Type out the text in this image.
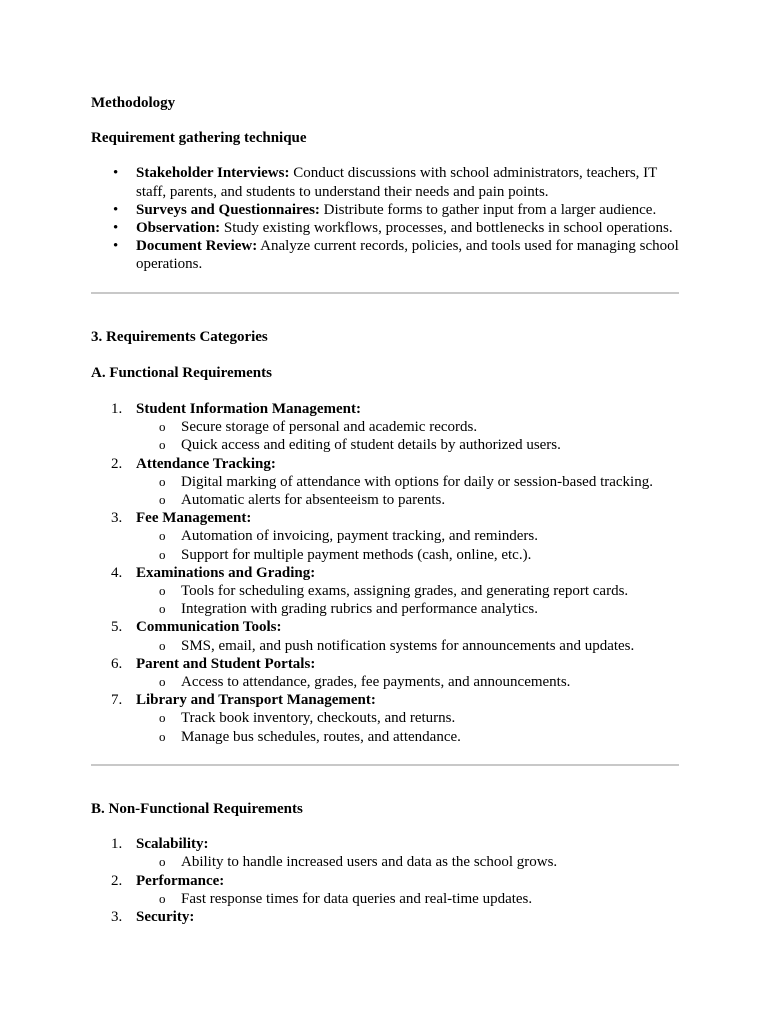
Methodology

Requirement gathering technique

• Stakeholder Interviews: Conduct discussions with school administrators, teachers, IT staff, parents, and students to understand their needs and pain points.
• Surveys and Questionnaires: Distribute forms to gather input from a larger audience.
• Observation: Study existing workflows, processes, and bottlenecks in school operations.
• Document Review: Analyze current records, policies, and tools used for managing school operations.

3. Requirements Categories

A. Functional Requirements

1. Student Information Management:
o Secure storage of personal and academic records.
o Quick access and editing of student details by authorized users.
2. Attendance Tracking:
o Digital marking of attendance with options for daily or session-based tracking.
o Automatic alerts for absenteeism to parents.
3. Fee Management:
o Automation of invoicing, payment tracking, and reminders.
o Support for multiple payment methods (cash, online, etc.).
4. Examinations and Grading:
o Tools for scheduling exams, assigning grades, and generating report cards.
o Integration with grading rubrics and performance analytics.
5. Communication Tools:
o SMS, email, and push notification systems for announcements and updates.
6. Parent and Student Portals:
o Access to attendance, grades, fee payments, and announcements.
7. Library and Transport Management:
o Track book inventory, checkouts, and returns.
o Manage bus schedules, routes, and attendance.

B. Non-Functional Requirements

1. Scalability:
o Ability to handle increased users and data as the school grows.
2. Performance:
o Fast response times for data queries and real-time updates.
3. Security:
